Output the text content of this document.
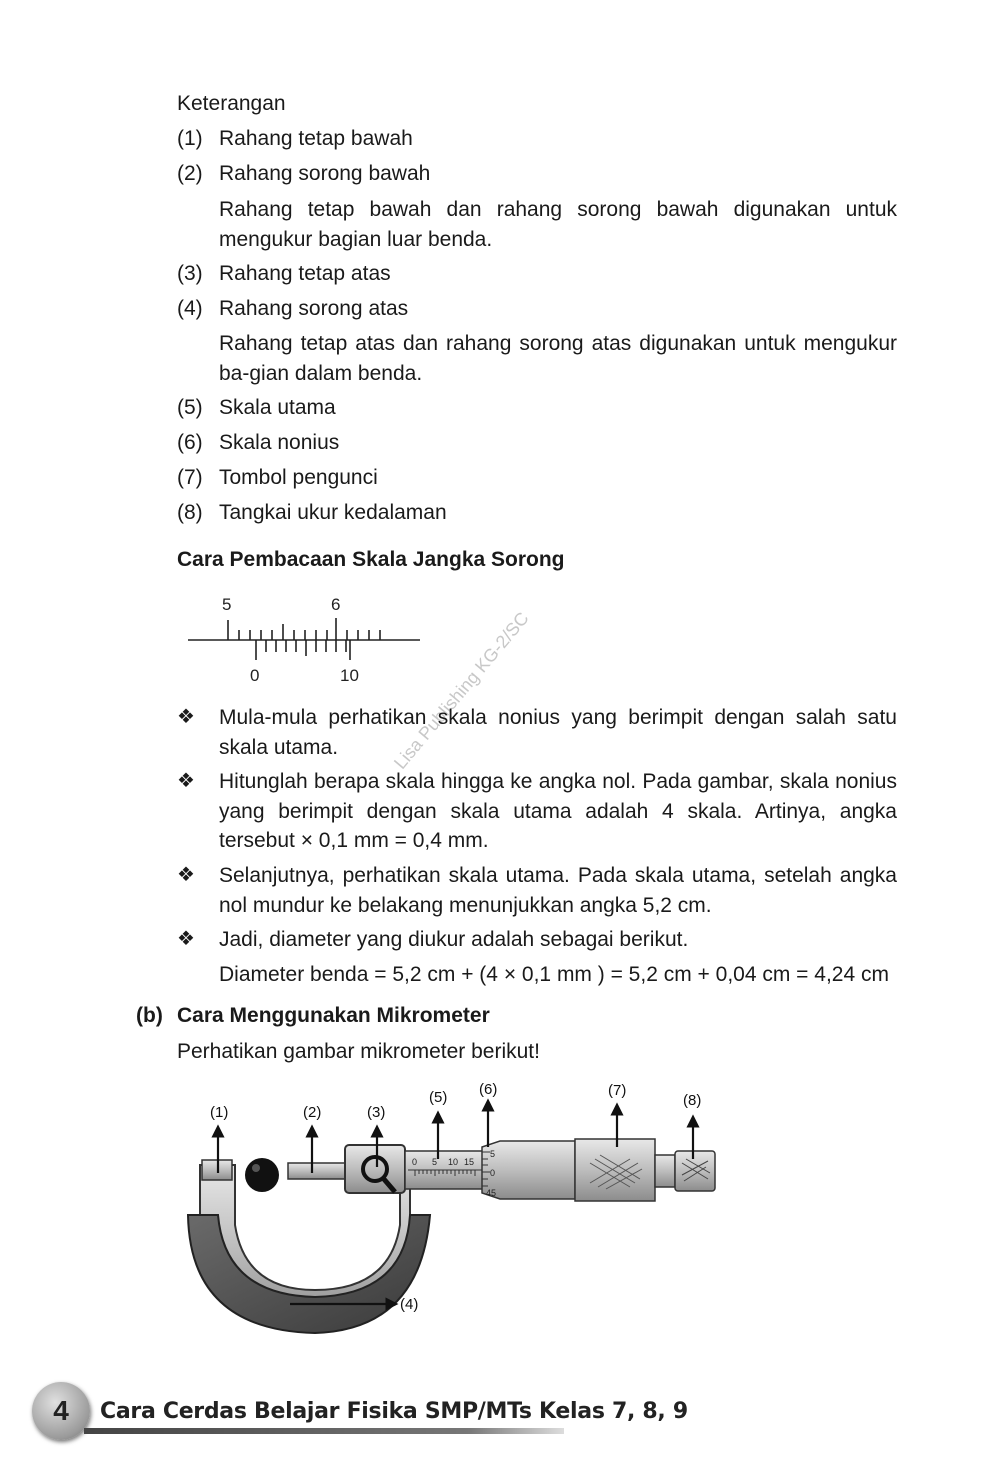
Keterangan
(1) Rahang tetap bawah
(2) Rahang sorong bawah
Rahang tetap bawah dan rahang sorong bawah digunakan untuk mengukur bagian luar benda.
(3) Rahang tetap atas
(4) Rahang sorong atas
Rahang tetap atas dan rahang sorong atas digunakan untuk mengukur ba-gian dalam benda.
(5) Skala utama
(6) Skala nonius
(7) Tombol pengunci
(8) Tangkai ukur kedalaman
Cara Pembacaan Skala Jangka Sorong
5	6
0	10 Lisa Publishing KG-2/SC
❖ Mula-mula perhatikan skala nonius yang berimpit dengan salah satu skala utama.
❖ Hitunglah berapa skala hingga ke angka nol. Pada gambar, skala nonius yang berimpit dengan skala utama adalah 4 skala. Artinya, angka tersebut × 0,1 mm = 0,4 mm.
❖ Selanjutnya, perhatikan skala utama. Pada skala utama, setelah angka nol mundur ke belakang menunjukkan angka 5,2 cm.
❖ Jadi, diameter yang diukur adalah sebagai berikut.
Diameter benda = 5,2 cm + (4 × 0,1 mm ) = 5,2 cm + 0,04 cm = 4,24 cm
(b) Cara Menggunakan Mikrometer
Perhatikan gambar mikrometer berikut!
0 5 10 15
5
0
45
(1)	(2)	(3)
(4)
(5) (6)	(7)
(8)
4	Cara Cerdas Belajar Fisika SMP/MTs Kelas 7, 8, 9
